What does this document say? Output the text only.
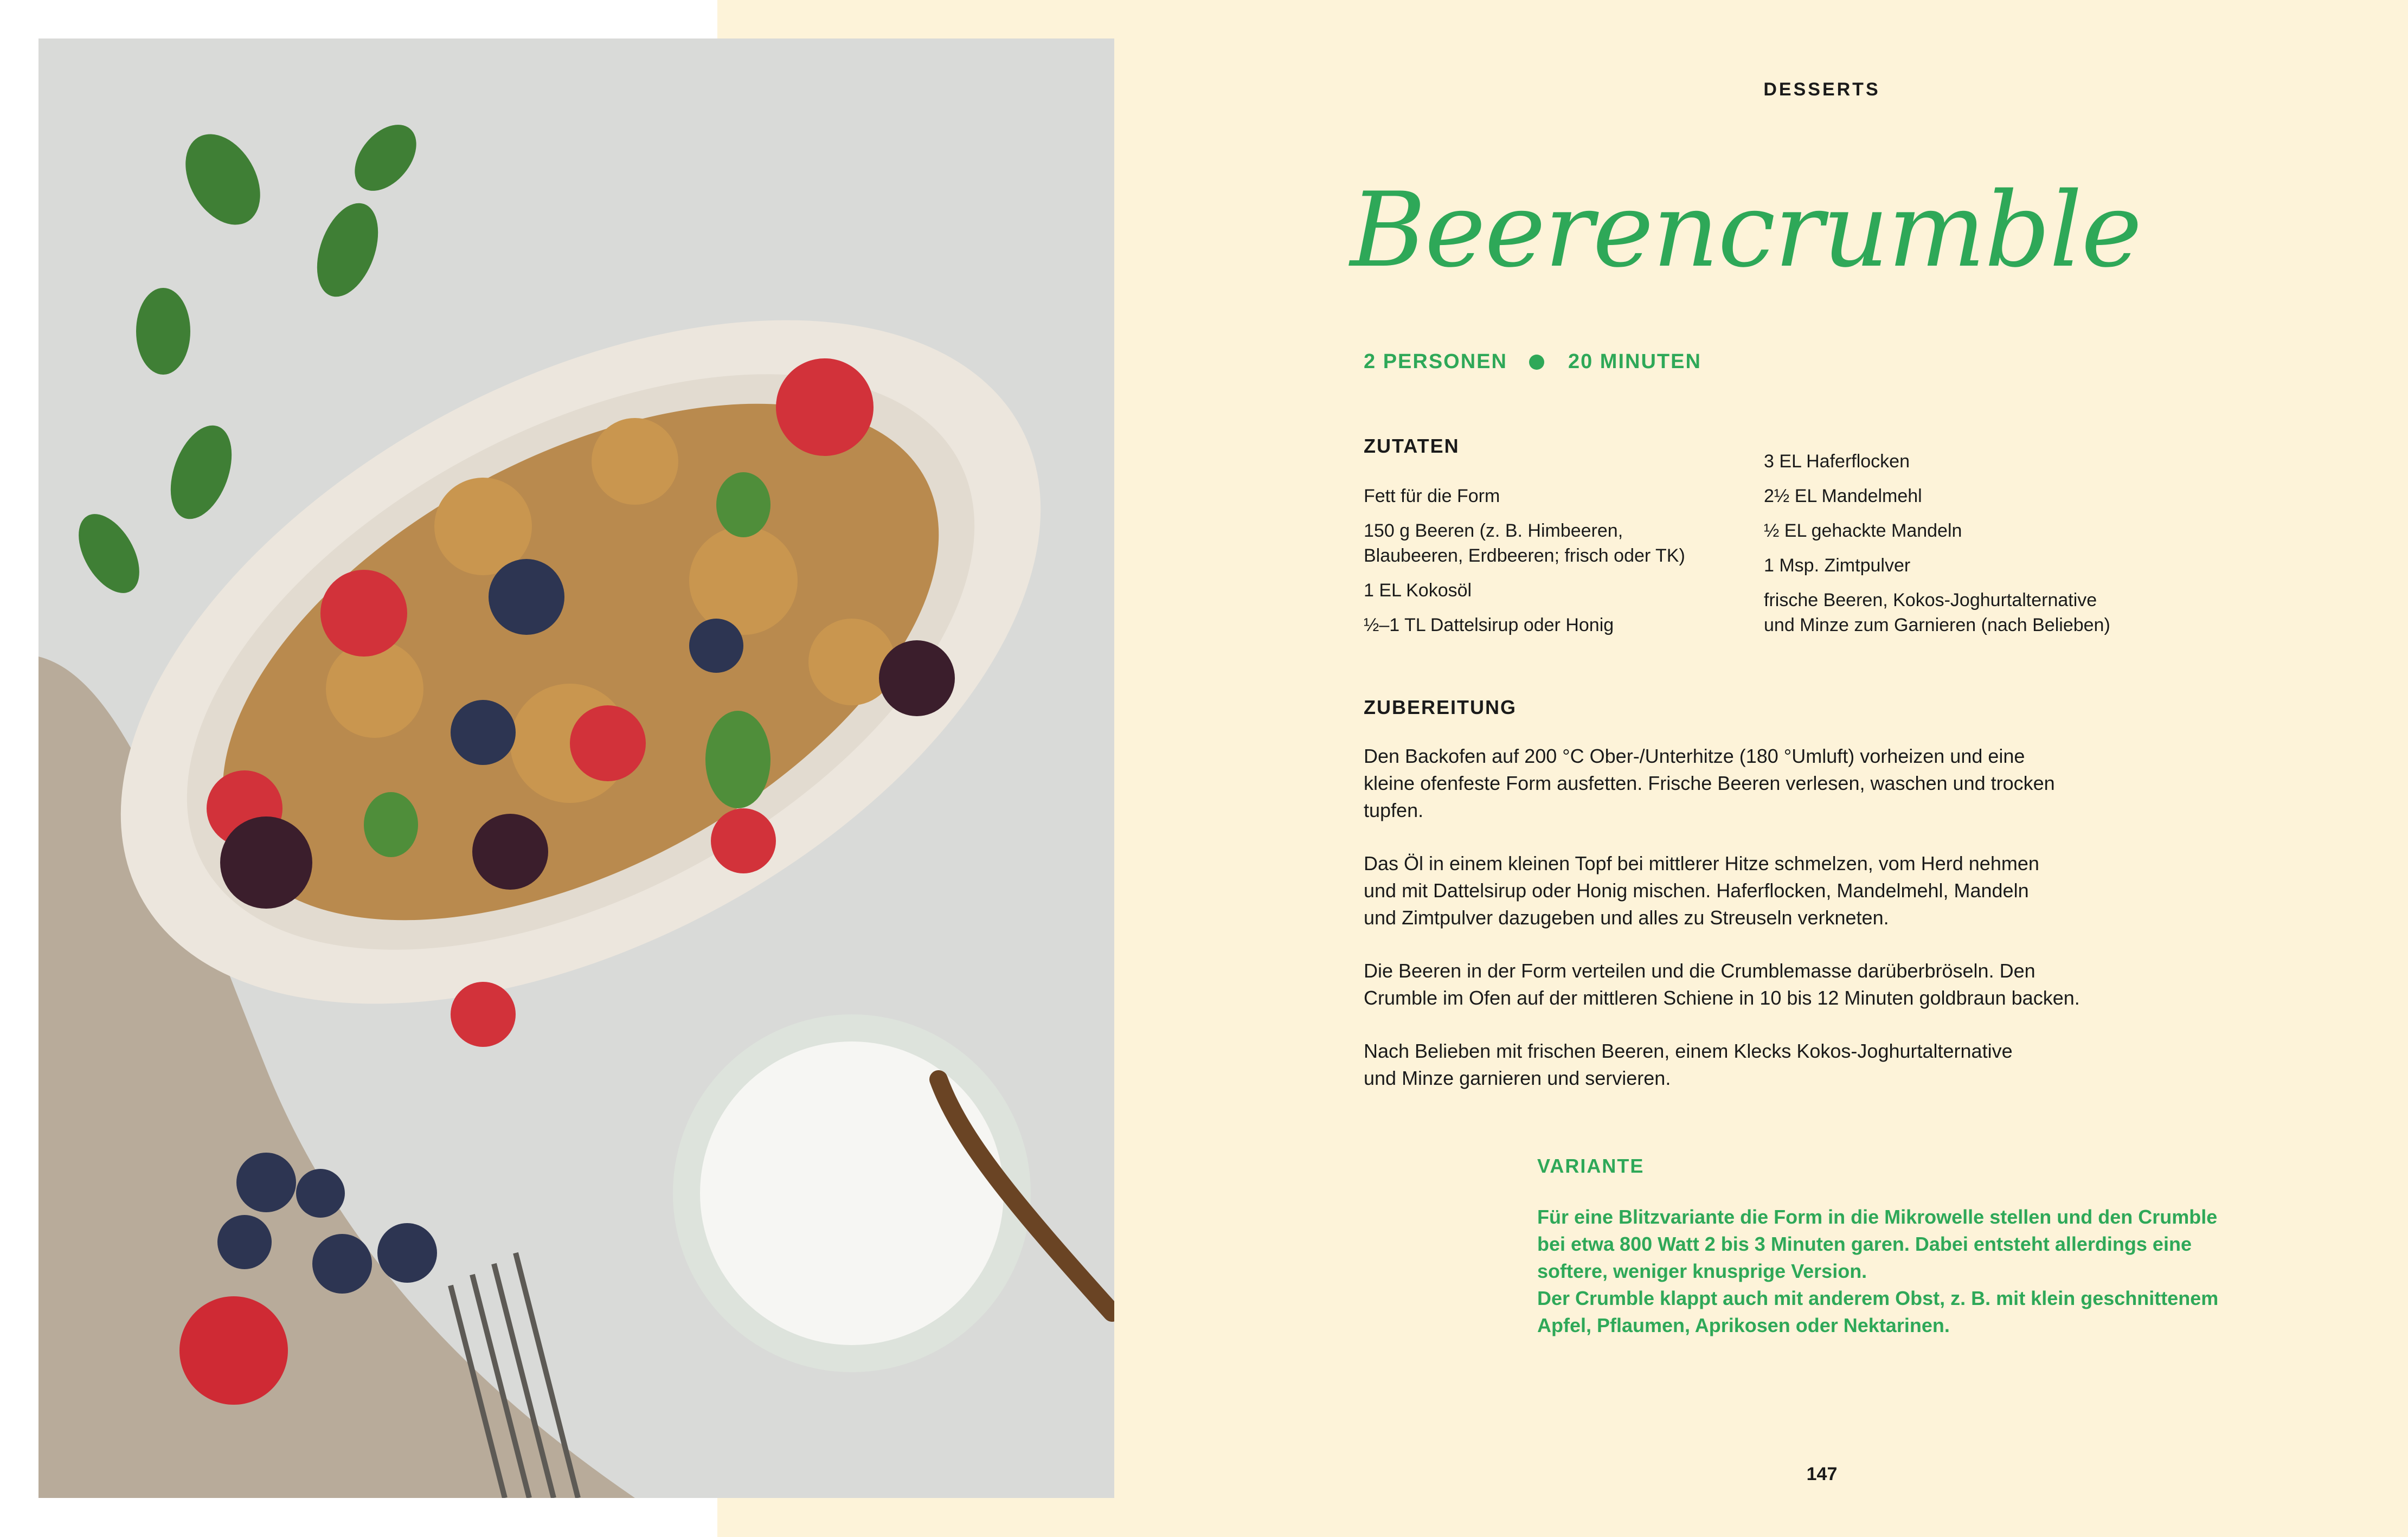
DESSERTS
Beerencrumble
2 PERSONEN	20 MINUTEN
ZUTATEN
Fett für die Form
150 g Beeren (z. B. Himbeeren,
Blaubeeren, Erdbeeren; frisch oder TK)
1 EL Kokosöl
½–1 TL Dattelsirup oder Honig
3 EL Haferflocken
2½ EL Mandelmehl
½ EL gehackte Mandeln
1 Msp. Zimtpulver
frische Beeren, Kokos-Joghurtalternative
und Minze zum Garnieren (nach Belieben)
ZUBEREITUNG

Den Backofen auf 200 °C Ober-/Unterhitze (180 °Umluft) vorheizen und eine
kleine ofenfeste Form ausfetten. Frische Beeren verlesen, waschen und trocken
tupfen.

Das Öl in einem kleinen Topf bei mittlerer Hitze schmelzen, vom Herd nehmen
und mit Dattelsirup oder Honig mischen. Haferflocken, Mandelmehl, Mandeln
und Zimtpulver dazugeben und alles zu Streuseln verkneten.

Die Beeren in der Form verteilen und die Crumblemasse darüberbröseln. Den
Crumble im Ofen auf der mittleren Schiene in 10 bis 12 Minuten goldbraun backen.

Nach Belieben mit frischen Beeren, einem Klecks Kokos-Joghurtalternative
und Minze garnieren und servieren.

VARIANTE
Für eine Blitzvariante die Form in die Mikrowelle stellen und den Crumble
bei etwa 800 Watt 2 bis 3 Minuten garen. Dabei entsteht allerdings eine
softere, weniger knusprige Version.
Der Crumble klappt auch mit anderem Obst, z. B. mit klein geschnittenem
Apfel, Pflaumen, Aprikosen oder Nektarinen.
147
